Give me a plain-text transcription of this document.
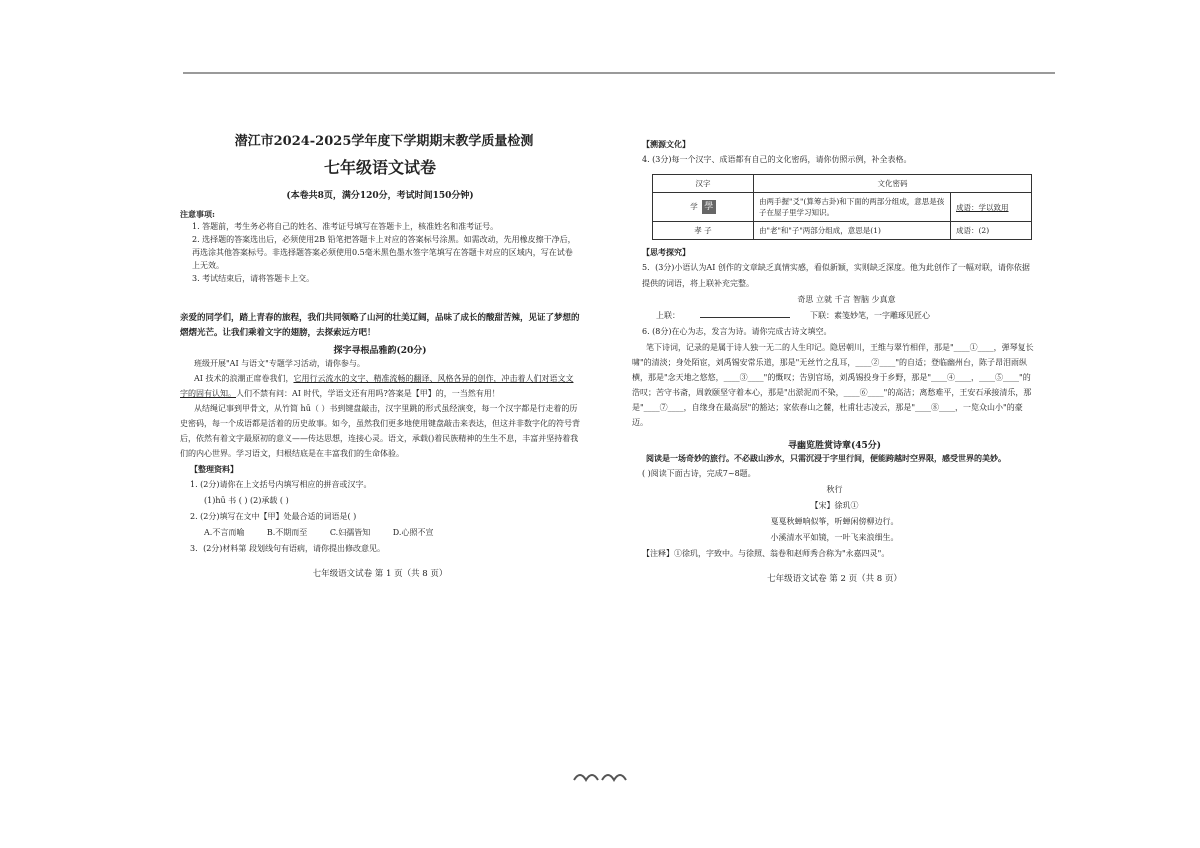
潜江市2024-2025学年度下学期期末教学质量检测
七年级语文试卷
(本卷共8页，满分120分，考试时间150分钟)
注意事项:
1. 答题前，考生务必将自己的姓名、准考证号填写在答题卡上，核准姓名和准考证号。
2. 选择题的答案选出后，必须使用2B 铅笔把答题卡上对应的答案标号涂黑。如需改动，先用橡皮擦干净后，再选涂其他答案标号。非选择题答案必须使用0.5毫米黑色墨水签字笔填写在答题卡对应的区域内，写在试卷上无效。
3. 考试结束后，请将答题卡上交。
亲爱的同学们，踏上青春的旅程，我们共同领略了山河的壮美辽阔，品味了成长的酸甜苦辣，见证了梦想的熠熠光芒。让我们乘着文字的翅膀，去探索远方吧！
探字寻根品雅韵(20分)
班级开展"AI 与语文"专题学习活动，请你参与。
AI 技术的浪潮正席卷我们，它用行云流水的文字、精准流畅的翻译、风格各异的创作，冲击着人们对语文文字的固有认知。人们不禁有问：AI 时代，学语文还有用吗?答案是【甲】的，一当然有用！
从结绳记事到甲骨文，从竹简 hū（ ）书到键盘敲击，汉字里跳的形式虽经演变，每一个汉字都是行走着的历史密码，每一个成语都是活着的历史故事。如今，虽然我们更多地使用键盘敲击来表达，但这并非数字化的符号背后，依然有着文字最原初的意义——传达思想，连接心灵。语文，承载()着民族精神的生生不息，丰富并坚持着我们的内心世界。学习语文，归根结底是在丰富我们的生命体验。
【整理资料】
1. (2分)请你在上文括号内填写相应的拼音或汉字。
(1)hū 书 ( ) (2)承载 ( )
2. (2分)填写在文中【甲】处最合适的词语是( )
A.不言而喻	B.不期而至	C.妇孺皆知	D.心照不宣
3．(2分)材料第 段划线句有语病，请你提出修改意见。
七年级语文试卷 第 1 页（共 8 页）
【溯源文化】
4. (3分)每一个汉字、成语都有自己的文化密码，请你仿照示例，补全表格。
汉字	文化密码	
学 學	由两手握"爻"(算筹古卦)和下面的两部分组成，意思是孩子在屋子里学习知识。	成语：学以致用
孝 子	由"老"和"子"两部分组成，意思是(1)	成语：(2)
【思考探究】
5．(3分)小语认为AI 创作的文章缺乏真情实感，看似新颖，实则缺乏深度。他为此创作了一幅对联，请你依据提供的词语，将上联补充完整。
奇思 立就 千言 智脑 少真意
上联：	下联：素笺妙笔，一字雕琢见匠心
6. (8分)在心为志，发言为诗。请你完成古诗文填空。
笔下诗词，记录的是属于诗人独一无二的人生印记。隐居朝川，王维与翠竹相伴，那是"____①____，弹琴复长啸"的清淡；身处陌宦，刘禹锡安常乐道，那是"无丝竹之乱耳，____②____"的自适；登临幽州台，陈子昂泪雨纵横，那是"念天地之悠悠，____③____"的慨叹；告别官场，刘禹锡投身于乡野，那是"____④____，____⑤____"的浩叹；苦守书斋，周敦颐坚守着本心，那是"出淤泥而不染，____⑥____"的高洁；离愁难平，王安石承接清乐，那是"____⑦____，自缘身在最高层"的豁达；家依春山之麓，杜甫壮志凌云，那是"____⑧____，一览众山小"的豪迈。
寻幽览胜赏诗章(45分)
阅读是一场奇妙的旅行。不必跋山涉水，只需沉浸于字里行间，便能跨越时空界限，感受世界的美妙。
( )阅读下面古诗，完成7~8题。
秋行
【宋】徐玑①
戛戛秋蝉响似筝，听蝉闲傍柳边行。
小溪清水平如镜，一叶飞来浪细生。
【注释】①徐玑，字致中。与徐照、翁卷和赵师秀合称为"永嘉四灵"。
七年级语文试卷 第 2 页（共 8 页）
